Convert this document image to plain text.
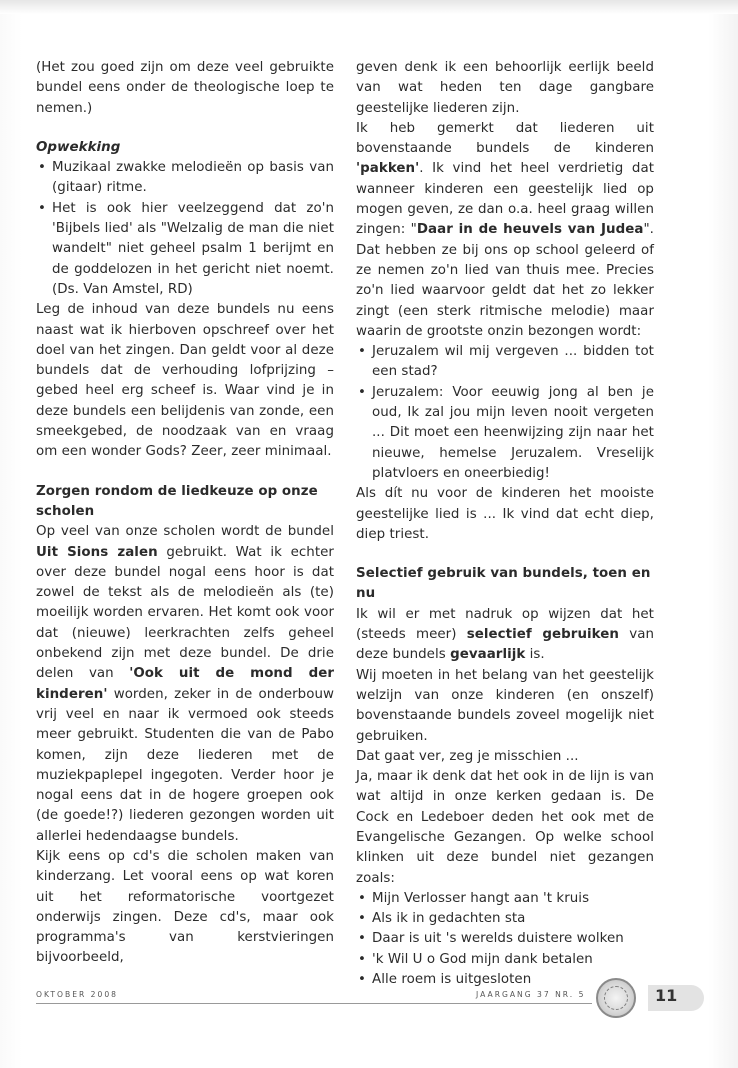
(Het zou goed zijn om deze veel gebruikte bundel eens onder de theologische loep te nemen.)

Opwekking

• Muzikaal zwakke melodieën op basis van (gitaar) ritme.
• Het is ook hier veelzeggend dat zo'n 'Bijbels lied' als "Welzalig de man die niet wandelt" niet geheel psalm 1 berijmt en de goddelozen in het gericht niet noemt. (Ds. Van Amstel, RD)

Leg de inhoud van deze bundels nu eens naast wat ik hierboven opschreef over het doel van het zingen. Dan geldt voor al deze bundels dat de verhouding lofprijzing – gebed heel erg scheef is. Waar vind je in deze bundels een belijdenis van zonde, een smeekgebed, de noodzaak van en vraag om een wonder Gods? Zeer, zeer minimaal.

Zorgen rondom de liedkeuze op onze scholen

Op veel van onze scholen wordt de bundel Uit Sions zalen gebruikt. Wat ik echter over deze bundel nogal eens hoor is dat zowel de tekst als de melodieën als (te) moeilijk worden ervaren. Het komt ook voor dat (nieuwe) leerkrachten zelfs geheel onbekend zijn met deze bundel. De drie delen van 'Ook uit de mond der kinderen' worden, zeker in de onderbouw vrij veel en naar ik vermoed ook steeds meer gebruikt. Studenten die van de Pabo komen, zijn deze liederen met de muziekpaplepel ingegoten. Verder hoor je nogal eens dat in de hogere groepen ook (de goede!?) liederen gezongen worden uit allerlei hedendaagse bundels.

Kijk eens op cd's die scholen maken van kinderzang. Let vooral eens op wat koren uit het reformatorische voortgezet onderwijs zingen. Deze cd's, maar ook programma's van kerstvieringen bijvoorbeeld,

geven denk ik een behoorlijk eerlijk beeld van wat heden ten dage gangbare geestelijke liederen zijn.

Ik heb gemerkt dat liederen uit bovenstaande bundels de kinderen 'pakken'. Ik vind het heel verdrietig dat wanneer kinderen een geestelijk lied op mogen geven, ze dan o.a. heel graag willen zingen: "Daar in de heuvels van Judea". Dat hebben ze bij ons op school geleerd of ze nemen zo'n lied van thuis mee. Precies zo'n lied waarvoor geldt dat het zo lekker zingt (een sterk ritmische melodie) maar waarin de grootste onzin bezongen wordt:

• Jeruzalem wil mij vergeven ... bidden tot een stad?
• Jeruzalem: Voor eeuwig jong al ben je oud, Ik zal jou mijn leven nooit vergeten ... Dit moet een heenwijzing zijn naar het nieuwe, hemelse Jeruzalem. Vreselijk platvloers en oneerbiedig!

Als dít nu voor de kinderen het mooiste geestelijke lied is ... Ik vind dat echt diep, diep triest.

Selectief gebruik van bundels, toen en nu

Ik wil er met nadruk op wijzen dat het (steeds meer) selectief gebruiken van deze bundels gevaarlijk is.

Wij moeten in het belang van het geestelijk welzijn van onze kinderen (en onszelf) bovenstaande bundels zoveel mogelijk niet gebruiken.

Dat gaat ver, zeg je misschien ...

Ja, maar ik denk dat het ook in de lijn is van wat altijd in onze kerken gedaan is. De Cock en Ledeboer deden het ook met de Evangelische Gezangen. Op welke school klinken uit deze bundel niet gezangen zoals:

• Mijn Verlosser hangt aan 't kruis
• Als ik in gedachten sta
• Daar is uit 's werelds duistere wolken
• 'k Wil U o God mijn dank betalen
• Alle roem is uitgesloten
OKTOBER 2008	JAARGANG 37 NR. 5	11
